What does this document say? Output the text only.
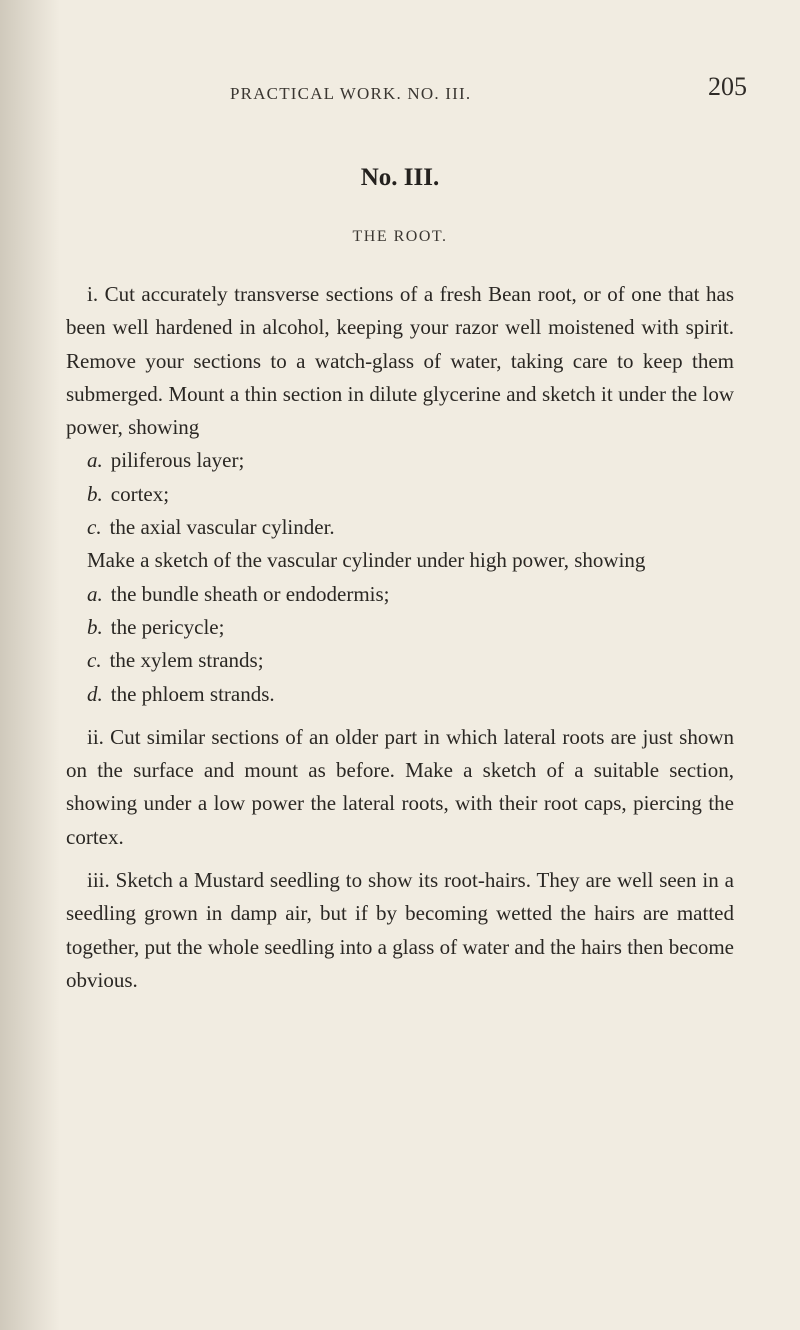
PRACTICAL WORK. NO. III.	205
No. III.
THE ROOT.

i. Cut accurately transverse sections of a fresh Bean root, or of one that has been well hardened in alcohol, keeping your razor well moistened with spirit. Remove your sections to a watch-glass of water, taking care to keep them submerged. Mount a thin section in dilute glycerine and sketch it under the low power, showing

a. piliferous layer;
b. cortex;
c. the axial vascular cylinder.

Make a sketch of the vascular cylinder under high power, showing

a. the bundle sheath or endodermis;
b. the pericycle;
c. the xylem strands;
d. the phloem strands.

ii. Cut similar sections of an older part in which lateral roots are just shown on the surface and mount as before. Make a sketch of a suitable section, showing under a low power the lateral roots, with their root caps, piercing the cortex.

iii. Sketch a Mustard seedling to show its root-hairs. They are well seen in a seedling grown in damp air, but if by becoming wetted the hairs are matted together, put the whole seedling into a glass of water and the hairs then become obvious.
